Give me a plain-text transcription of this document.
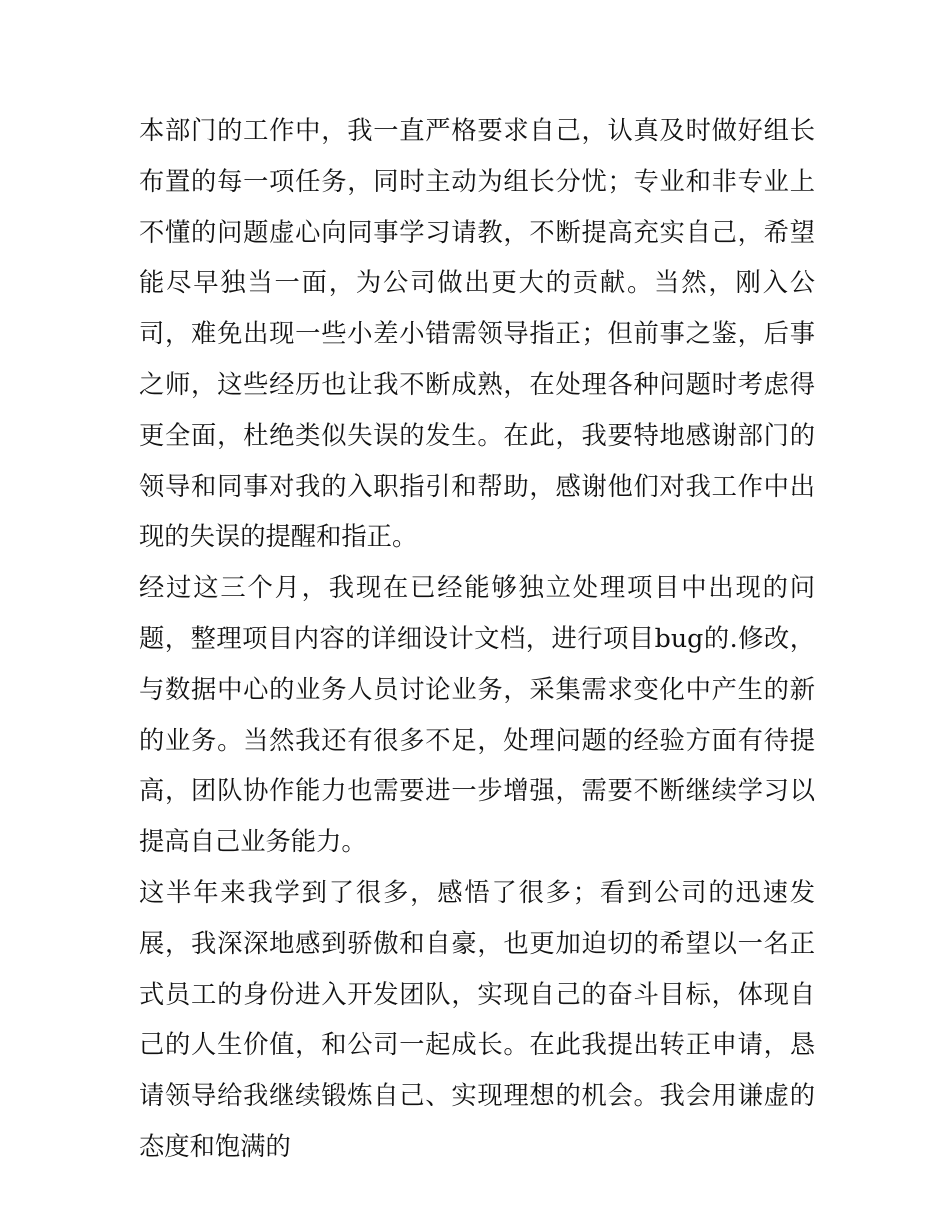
本部门的工作中，我一直严格要求自己，认真及时做好组长布置的每一项任务，同时主动为组长分忧；专业和非专业上不懂的问题虚心向同事学习请教，不断提高充实自己，希望能尽早独当一面，为公司做出更大的贡献。当然，刚入公司，难免出现一些小差小错需领导指正；但前事之鉴，后事之师，这些经历也让我不断成熟，在处理各种问题时考虑得更全面，杜绝类似失误的发生。在此，我要特地感谢部门的领导和同事对我的入职指引和帮助，感谢他们对我工作中出现的失误的提醒和指正。

经过这三个月，我现在已经能够独立处理项目中出现的问题，整理项目内容的详细设计文档，进行项目bug的.修改，与数据中心的业务人员讨论业务，采集需求变化中产生的新的业务。当然我还有很多不足，处理问题的经验方面有待提高，团队协作能力也需要进一步增强，需要不断继续学习以提高自己业务能力。

这半年来我学到了很多，感悟了很多；看到公司的迅速发展，我深深地感到骄傲和自豪，也更加迫切的希望以一名正式员工的身份进入开发团队，实现自己的奋斗目标，体现自己的人生价值，和公司一起成长。在此我提出转正申请，恳请领导给我继续锻炼自己、实现理想的机会。我会用谦虚的态度和饱满的
